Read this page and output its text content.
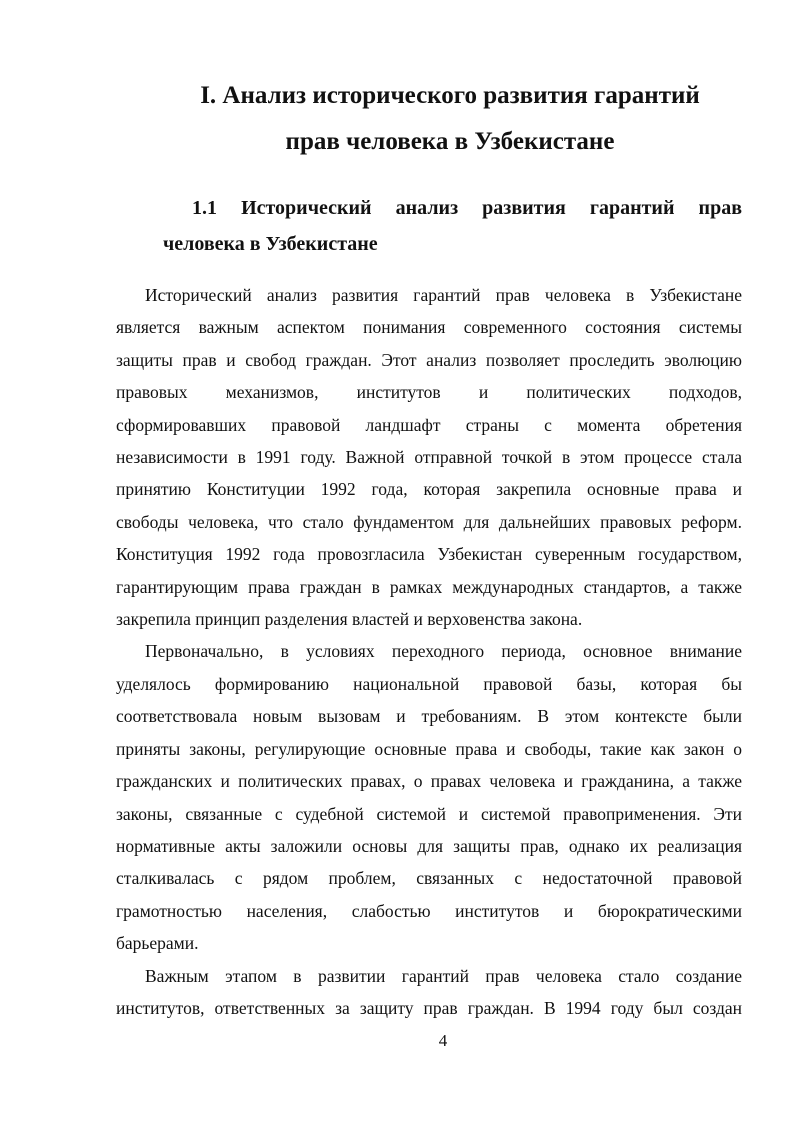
I. Анализ исторического развития гарантий
прав человека в Узбекистане
1.1 Исторический анализ развития гарантий прав
человека в Узбекистане

Исторический анализ развития гарантий прав человека в Узбекистане
является важным аспектом понимания современного состояния системы
защиты прав и свобод граждан. Этот анализ позволяет проследить эволюцию
правовых механизмов, институтов и политических подходов,
сформировавших правовой ландшафт страны с момента обретения
независимости в 1991 году. Важной отправной точкой в этом процессе стала
принятию Конституции 1992 года, которая закрепила основные права и
свободы человека, что стало фундаментом для дальнейших правовых реформ.
Конституция 1992 года провозгласила Узбекистан суверенным государством,
гарантирующим права граждан в рамках международных стандартов, а также
закрепила принцип разделения властей и верховенства закона.

Первоначально, в условиях переходного периода, основное внимание
уделялось формированию национальной правовой базы, которая бы
соответствовала новым вызовам и требованиям. В этом контексте были
приняты законы, регулирующие основные права и свободы, такие как закон о
гражданских и политических правах, о правах человека и гражданина, а также
законы, связанные с судебной системой и системой правоприменения. Эти
нормативные акты заложили основы для защиты прав, однако их реализация
сталкивалась с рядом проблем, связанных с недостаточной правовой
грамотностью населения, слабостью институтов и бюрократическими
барьерами.

Важным этапом в развитии гарантий прав человека стало создание
институтов, ответственных за защиту прав граждан. В 1994 году был создан

4
